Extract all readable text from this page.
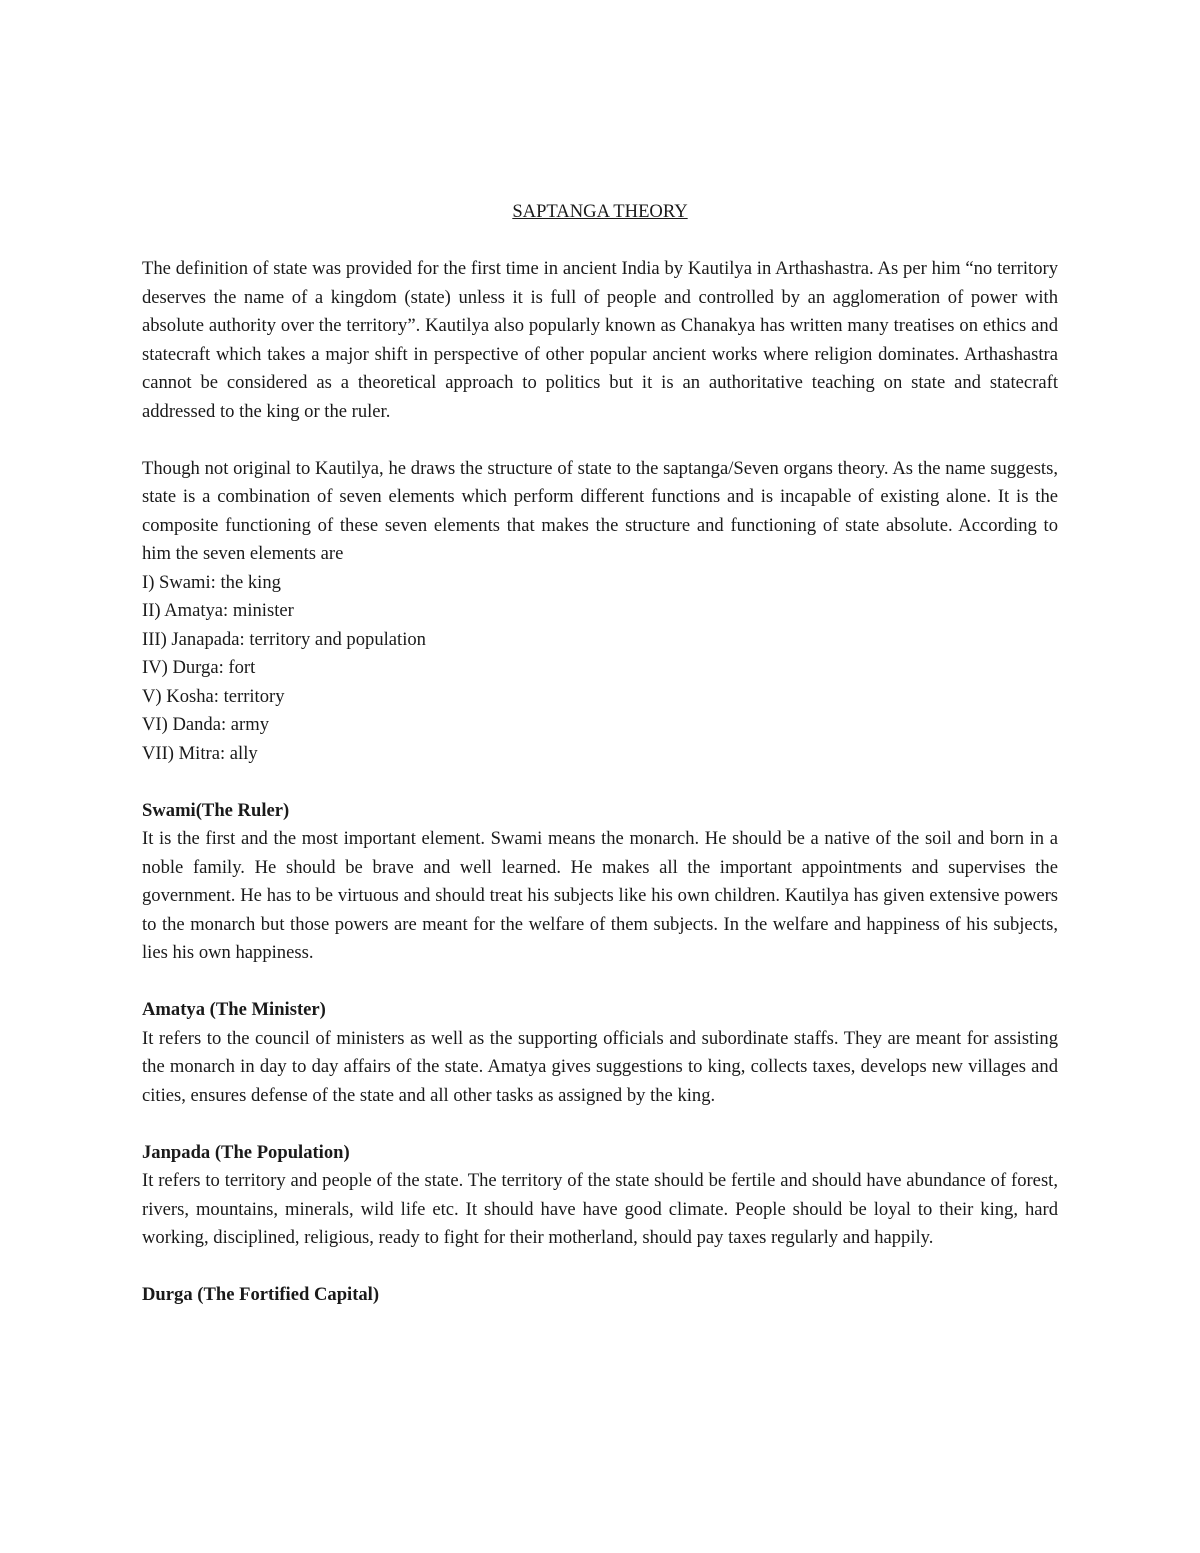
SAPTANGA THEORY

The definition of state was provided for the first time in ancient India by Kautilya in Arthashastra. As per him “no territory deserves the name of a kingdom (state) unless it is full of people and controlled by an agglomeration of power with absolute authority over the territory”. Kautilya also popularly known as Chanakya has written many treatises on ethics and statecraft which takes a major shift in perspective of other popular ancient works where religion dominates. Arthashastra cannot be considered as a theoretical approach to politics but it is an authoritative teaching on state and statecraft addressed to the king or the ruler.

Though not original to Kautilya, he draws the structure of state to the saptanga/Seven organs theory. As the name suggests, state is a combination of seven elements which perform different functions and is incapable of existing alone. It is the composite functioning of these seven elements that makes the structure and functioning of state absolute. According to him the seven elements are

I) Swami: the king
II) Amatya: minister
III) Janapada: territory and population
IV) Durga: fort
V) Kosha: territory
VI) Danda: army
VII) Mitra: ally

Swami(The Ruler)

It is the first and the most important element. Swami means the monarch. He should be a native of the soil and born in a noble family. He should be brave and well learned. He makes all the important appointments and supervises the government. He has to be virtuous and should treat his subjects like his own children. Kautilya has given extensive powers to the monarch but those powers are meant for the welfare of them subjects. In the welfare and happiness of his subjects, lies his own happiness.

Amatya (The Minister)

It refers to the council of ministers as well as the supporting officials and subordinate staffs. They are meant for assisting the monarch in day to day affairs of the state. Amatya gives suggestions to king, collects taxes, develops new villages and cities, ensures defense of the state and all other tasks as assigned by the king.

Janpada (The Population)

It refers to territory and people of the state. The territory of the state should be fertile and should have abundance of forest, rivers, mountains, minerals, wild life etc. It should have have good climate. People should be loyal to their king, hard working, disciplined, religious, ready to fight for their motherland, should pay taxes regularly and happily.

Durga (The Fortified Capital)
